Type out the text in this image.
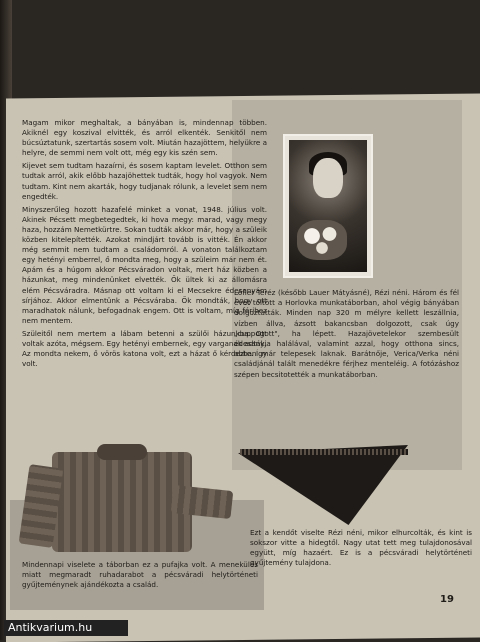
Magam mikor meghaltak, a bányában is, mindennap többen. Akiknél egy koszival elvitték, és arról elkenték. Senkitől nem búcsúztatunk, szertartás sosem volt. Miután hazajöttem, helyükre a helyre, de semmi nem volt ott, még egy kis szén sem.

Kijevet sem tudtam hazaírni, és sosem kaptam levelet. Otthon sem tudtak arról, akik előbb hazajöhettek tudták, hogy hol vagyok. Nem tudtam. Kint nem akarták, hogy tudjanak rólunk, a levelet sem nem engedték.

Minyszerűleg hozott hazafelé minket a vonat, 1948. július volt. Akinek Pécsett megbetegedtek, ki hova megy: marad, vagy megy haza, hozzám Nemetkürtre. Sokan tudták akkor már, hogy a szüleik közben kitelepítették. Azokat mindjárt tovább is vitték. Én akkor még semmit nem tudtam a családomról. A vonaton találkoztam egy hetényi emberrel, ő mondta meg, hogy a szüleim már nem ét. Apám és a húgom akkor Pécsváradon voltak, mert ház közben a házunkat, meg mindenünket elvették. Ők ültek ki az állomásra elém Pécsváradra. Másnap ott voltam ki el Mecsekre édesanyám sírjához. Akkor elmentünk a Pécsváraba. Ők mondták, hogy ott maradhatok nálunk, befogadnak engem. Ott is voltam, míg férjhez nem mentem.

Szüleitől nem mertem a lábam betenni a szülői házunkba. Ott voltak azóta, mégsem. Egy hetényi embernek, egy varganak adták. Az mondta nekem, ő vörös katona volt, ezt a házat ő kérdezte. Így volt.

Löfler Teréz (később Lauer Mátyásné), Rézi néni. Három és fél évet töltött a Horlovka munkatáborban, ahol végig bányában dolgoztatták. Minden nap 320 m mélyre kellett leszállnia, vízben állva, ázsott bakancsban dolgozott, csak úgy „cuppogott", ha lépett. Hazajövetelekor szembesült édesanyja halálával, valamint azzal, hogy otthona sincs, abban már telepesek laknak. Barátnője, Verica/Verka néni családjánál talált menedékre férjhez menteléig. A fotózáshoz szépen becsitotették a munkatáborban.
Mindennapi viselete a táborban ez a pufajka volt. A menekülés miatt megmaradt ruhadarabot a pécsváradi helytörténeti gyűjteménynek ajándékozta a család.
Ezt a kendőt viselte Rézi néni, mikor elhurcolták, és kint is sokszor vitte a hidegtől. Nagy utat tett meg tulajdonosával együtt, míg hazaért. Ez is a pécsváradi helytörténeti gyűjtemény tulajdona.
19
Antikvarium.hu
